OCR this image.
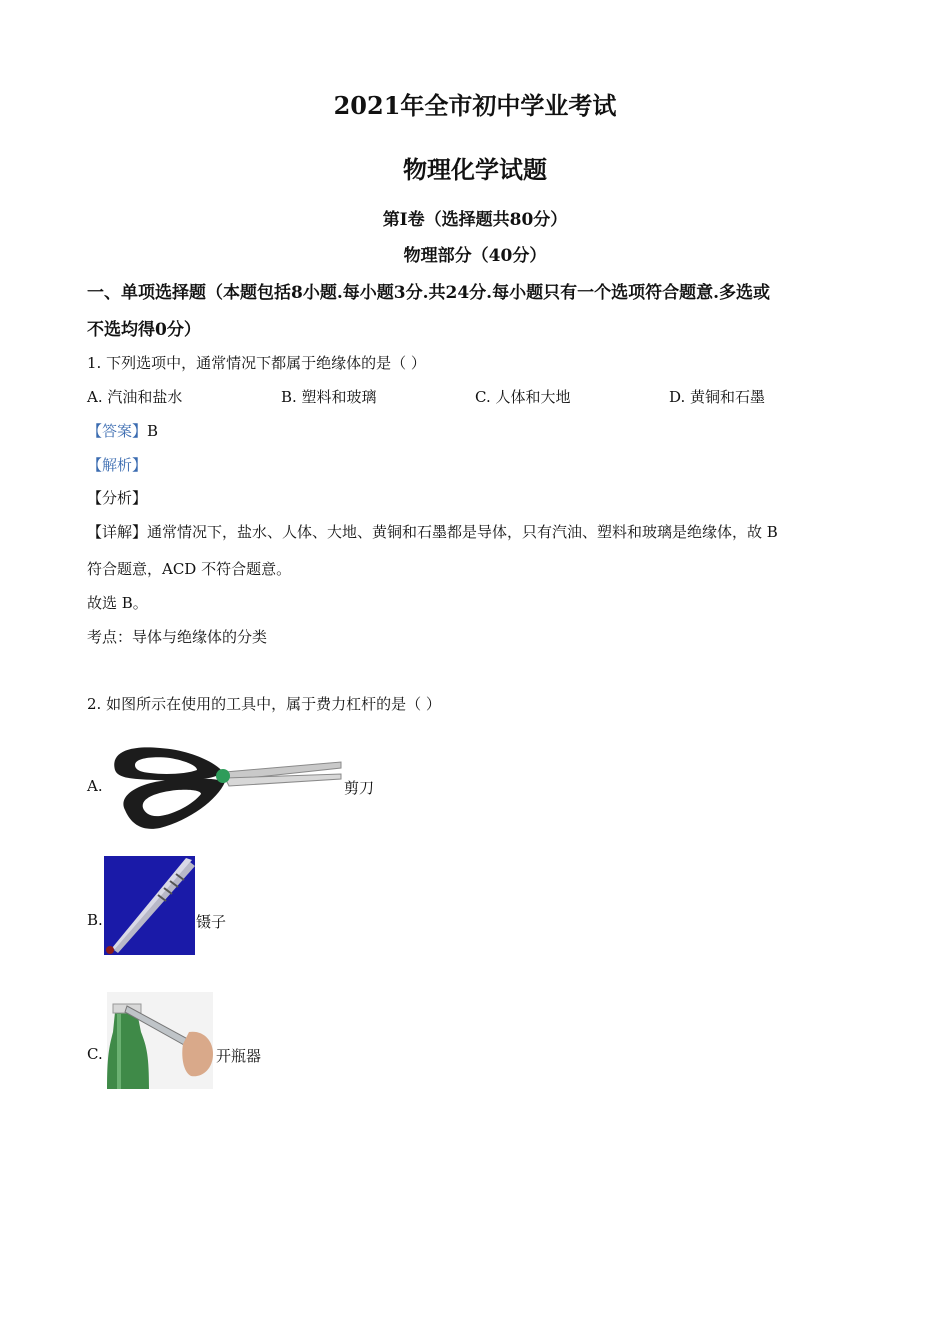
2021年全市初中学业考试
物理化学试题
第Ⅰ卷（选择题共80分）
物理部分（40分）
一、单项选择题（本题包括8小题.每小题3分.共24分.每小题只有一个选项符合题意.多选或
不选均得0分）
1. 下列选项中，通常情况下都属于绝缘体的是（ ）
A. 汽油和盐水	B. 塑料和玻璃	C. 人体和大地	D. 黄铜和石墨
【答案】B
【解析】
【分析】
【详解】通常情况下，盐水、人体、大地、黄铜和石墨都是导体，只有汽油、塑料和玻璃是绝缘体，故 B
符合题意，ACD 不符合题意。
故选 B。
考点：导体与绝缘体的分类
2. 如图所示在使用的工具中，属于费力杠杆的是（ ）
A.	剪刀
B.	镊子
C.	开瓶器
